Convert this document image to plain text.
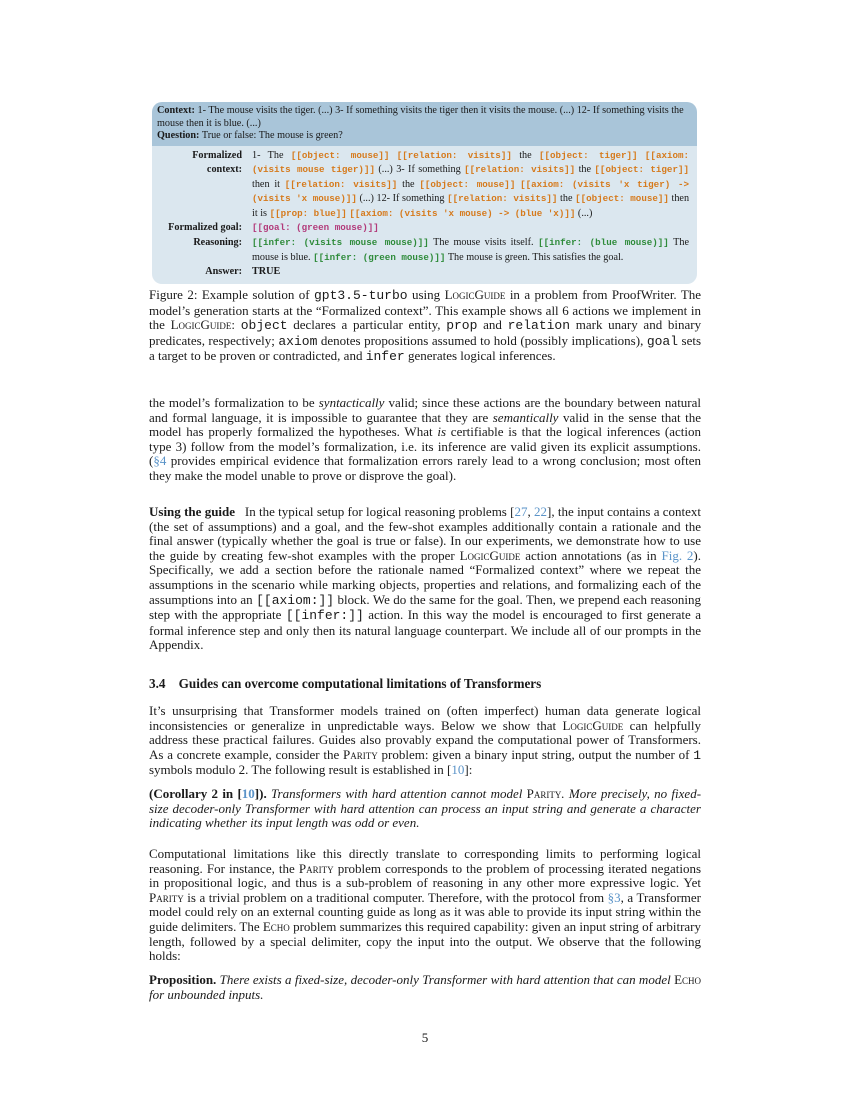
Context: 1- The mouse visits the tiger. (...) 3- If something visits the tiger then it visits the mouse. (...) 12- If something visits the mouse then it is blue. (...)
Question: True or false: The mouse is green?
Formalized
context:
1- The [[object: mouse]] [[relation: visits]] the [[object: tiger]] [[axiom: (visits mouse tiger)]] (...) 3- If something [[relation: visits]] the [[object: tiger]] then it [[relation: visits]] the [[object: mouse]] [[axiom: (visits 'x tiger) -> (visits 'x mouse)]] (...) 12- If something [[relation: visits]] the [[object: mouse]] then it is [[prop: blue]] [[axiom: (visits 'x mouse) -> (blue 'x)]] (...)
Formalized goal:	[[goal: (green mouse)]]
Reasoning:	[[infer: (visits mouse mouse)]] The mouse visits itself. [[infer: (blue mouse)]] The mouse is blue. [[infer: (green mouse)]] The mouse is green. This satisfies the goal.
Answer: TRUE
Figure 2: Example solution of gpt3.5-turbo using LogicGuide in a problem from ProofWriter. The model’s generation starts at the “Formalized context”. This example shows all 6 actions we implement in the LogicGuide: object declares a particular entity, prop and relation mark unary and binary predicates, respectively; axiom denotes propositions assumed to hold (possibly implications), goal sets a target to be proven or contradicted, and infer generates logical inferences.
the model’s formalization to be syntactically valid; since these actions are the boundary between natural and formal language, it is impossible to guarantee that they are semantically valid in the sense that the model has properly formalized the hypotheses. What is certifiable is that the logical inferences (action type 3) follow from the model’s formalization, i.e. its inference are valid given its explicit assumptions. (§4 provides empirical evidence that formalization errors rarely lead to a wrong conclusion; most often they make the model unable to prove or disprove the goal).
Using the guide In the typical setup for logical reasoning problems [27, 22], the input contains a context (the set of assumptions) and a goal, and the few-shot examples additionally contain a rationale and the final answer (typically whether the goal is true or false). In our experiments, we demonstrate how to use the guide by creating few-shot examples with the proper LogicGuide action annotations (as in Fig. 2). Specifically, we add a section before the rationale named “Formalized context” where we repeat the assumptions in the scenario while marking objects, properties and relations, and formalizing each of the assumptions into an [[axiom:]] block. We do the same for the goal. Then, we prepend each reasoning step with the appropriate [[infer:]] action. In this way the model is encouraged to first generate a formal inference step and only then its natural language counterpart. We include all of our prompts in the Appendix.
3.4 Guides can overcome computational limitations of Transformers
It’s unsurprising that Transformer models trained on (often imperfect) human data generate logical inconsistencies or generalize in unpredictable ways. Below we show that LogicGuide can helpfully address these practical failures. Guides also provably expand the computational power of Transformers. As a concrete example, consider the Parity problem: given a binary input string, output the number of 1 symbols modulo 2. The following result is established in [10]:
(Corollary 2 in [10]). Transformers with hard attention cannot model Parity. More precisely, no fixed-size decoder-only Transformer with hard attention can process an input string and generate a character indicating whether its input length was odd or even.
Computational limitations like this directly translate to corresponding limits to performing logical reasoning. For instance, the Parity problem corresponds to the problem of processing iterated negations in propositional logic, and thus is a sub-problem of reasoning in any other more expressive logic. Yet Parity is a trivial problem on a traditional computer. Therefore, with the protocol from §3, a Transformer model could rely on an external counting guide as long as it was able to provide its input string within the guide delimiters. The Echo problem summarizes this required capability: given an input string of arbitrary length, followed by a special delimiter, copy the input into the output. We observe that the following holds:
Proposition. There exists a fixed-size, decoder-only Transformer with hard attention that can model Echo for unbounded inputs.
5
